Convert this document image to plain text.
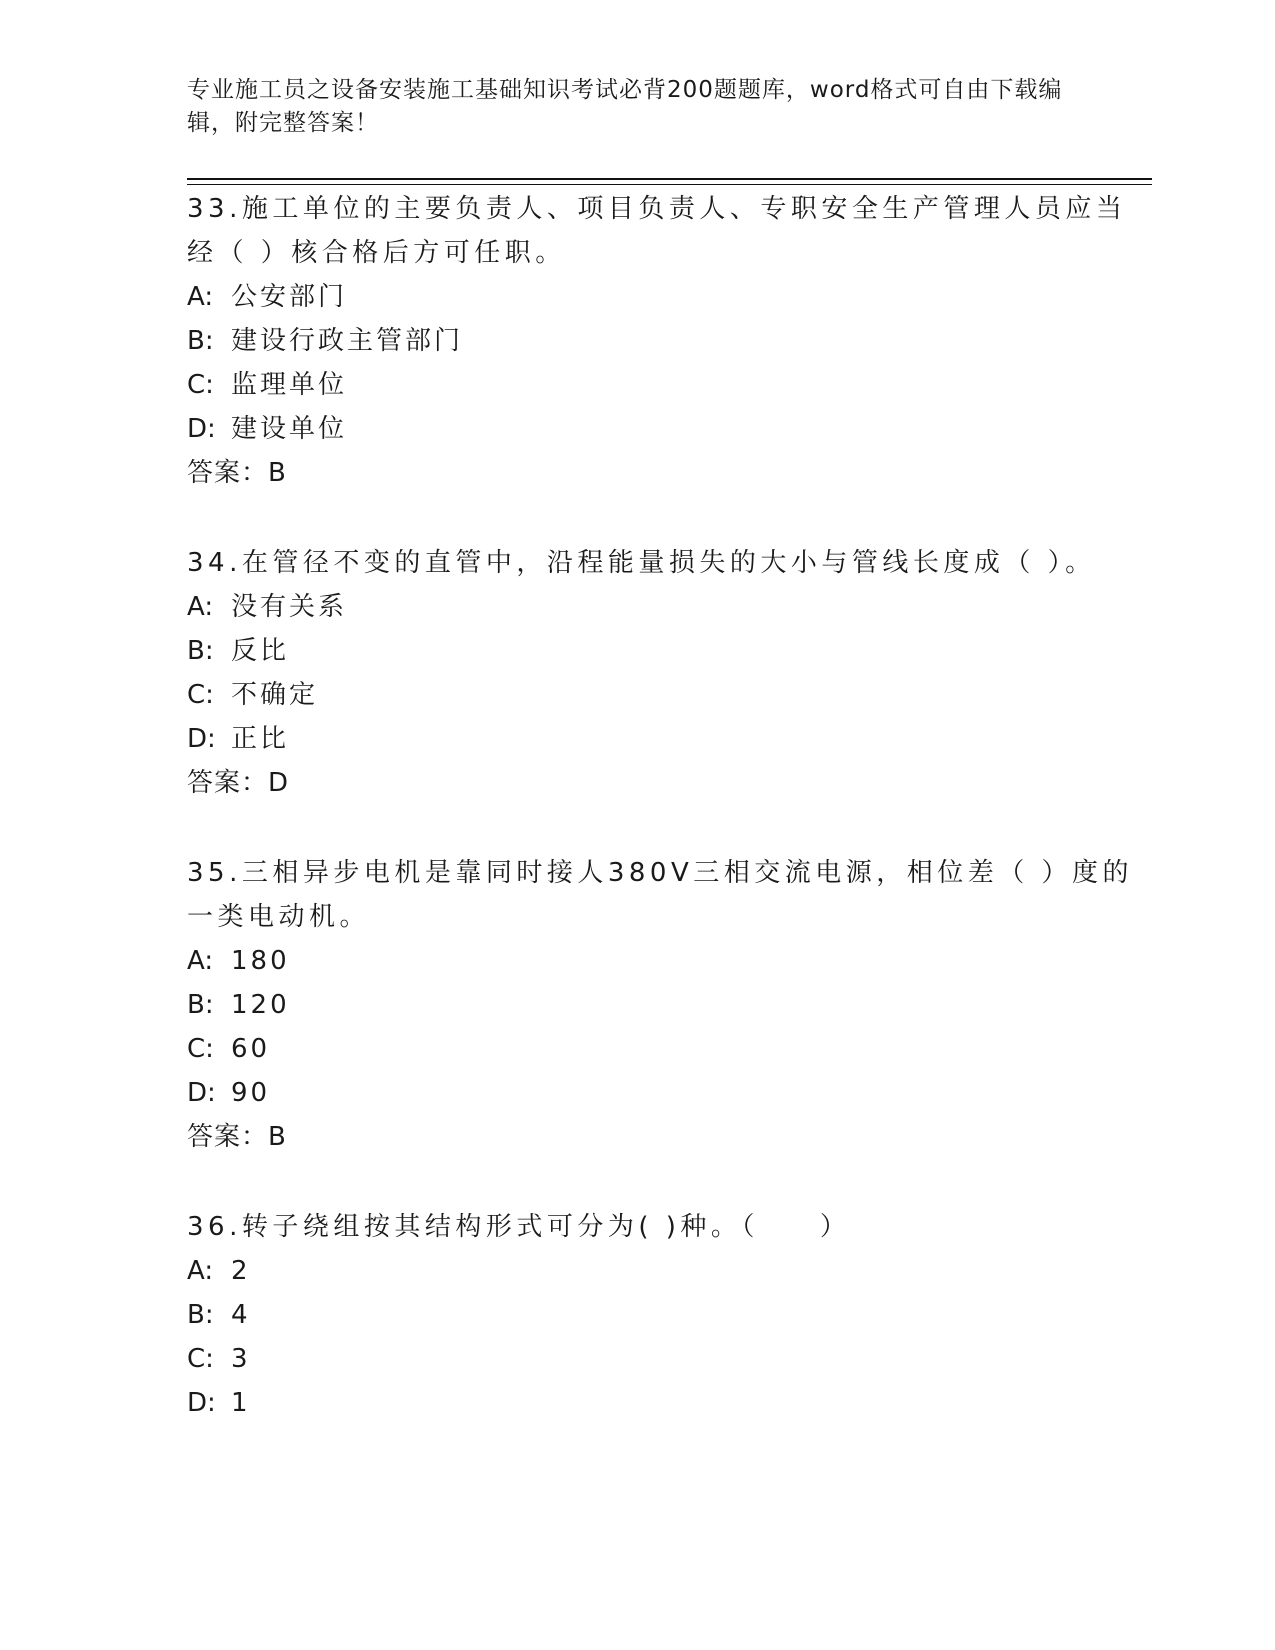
专业施工员之设备安装施工基础知识考试必背200题题库，word格式可自由下载编辑，附完整答案！
33.施工单位的主要负责人、项目负责人、专职安全生产管理人员应当
经（ ）核合格后方可任职。
A: 公安部门
B: 建设行政主管部门
C: 监理单位
D: 建设单位
答案：B
34.在管径不变的直管中，沿程能量损失的大小与管线长度成（ ）。
A: 没有关系
B: 反比
C: 不确定
D: 正比
答案：D
35.三相异步电机是靠同时接人380V三相交流电源，相位差（ ）度的
一类电动机。
A: 180
B: 120
C: 60
D: 90
答案：B
36.转子绕组按其结构形式可分为( )种。（　　）
A: 2
B: 4
C: 3
D: 1
